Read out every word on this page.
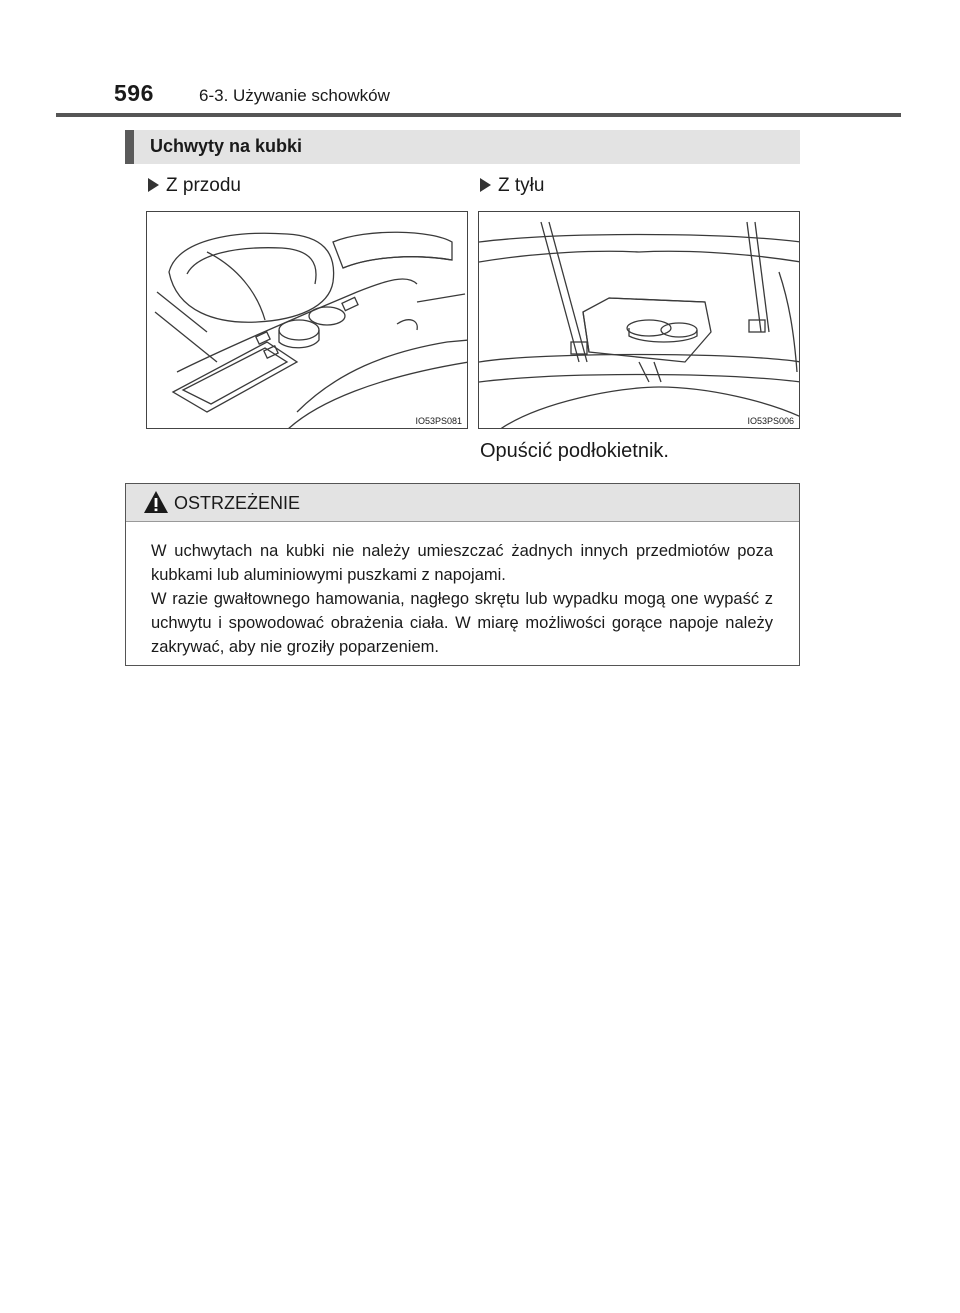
596	6-3. Używanie schowków
Uchwyty na kubki
Z przodu	Z tyłu
IO53PS081	IO53PS006
Opuścić podłokietnik.
OSTRZEŻENIE

W uchwytach na kubki nie należy umieszczać żadnych innych przedmiotów poza kubkami lub aluminiowymi puszkami z napojami.

W razie gwałtownego hamowania, nagłego skrętu lub wypadku mogą one wypaść z uchwytu i spowodować obrażenia ciała. W miarę możliwości gorące napoje należy zakrywać, aby nie groziły poparzeniem.
